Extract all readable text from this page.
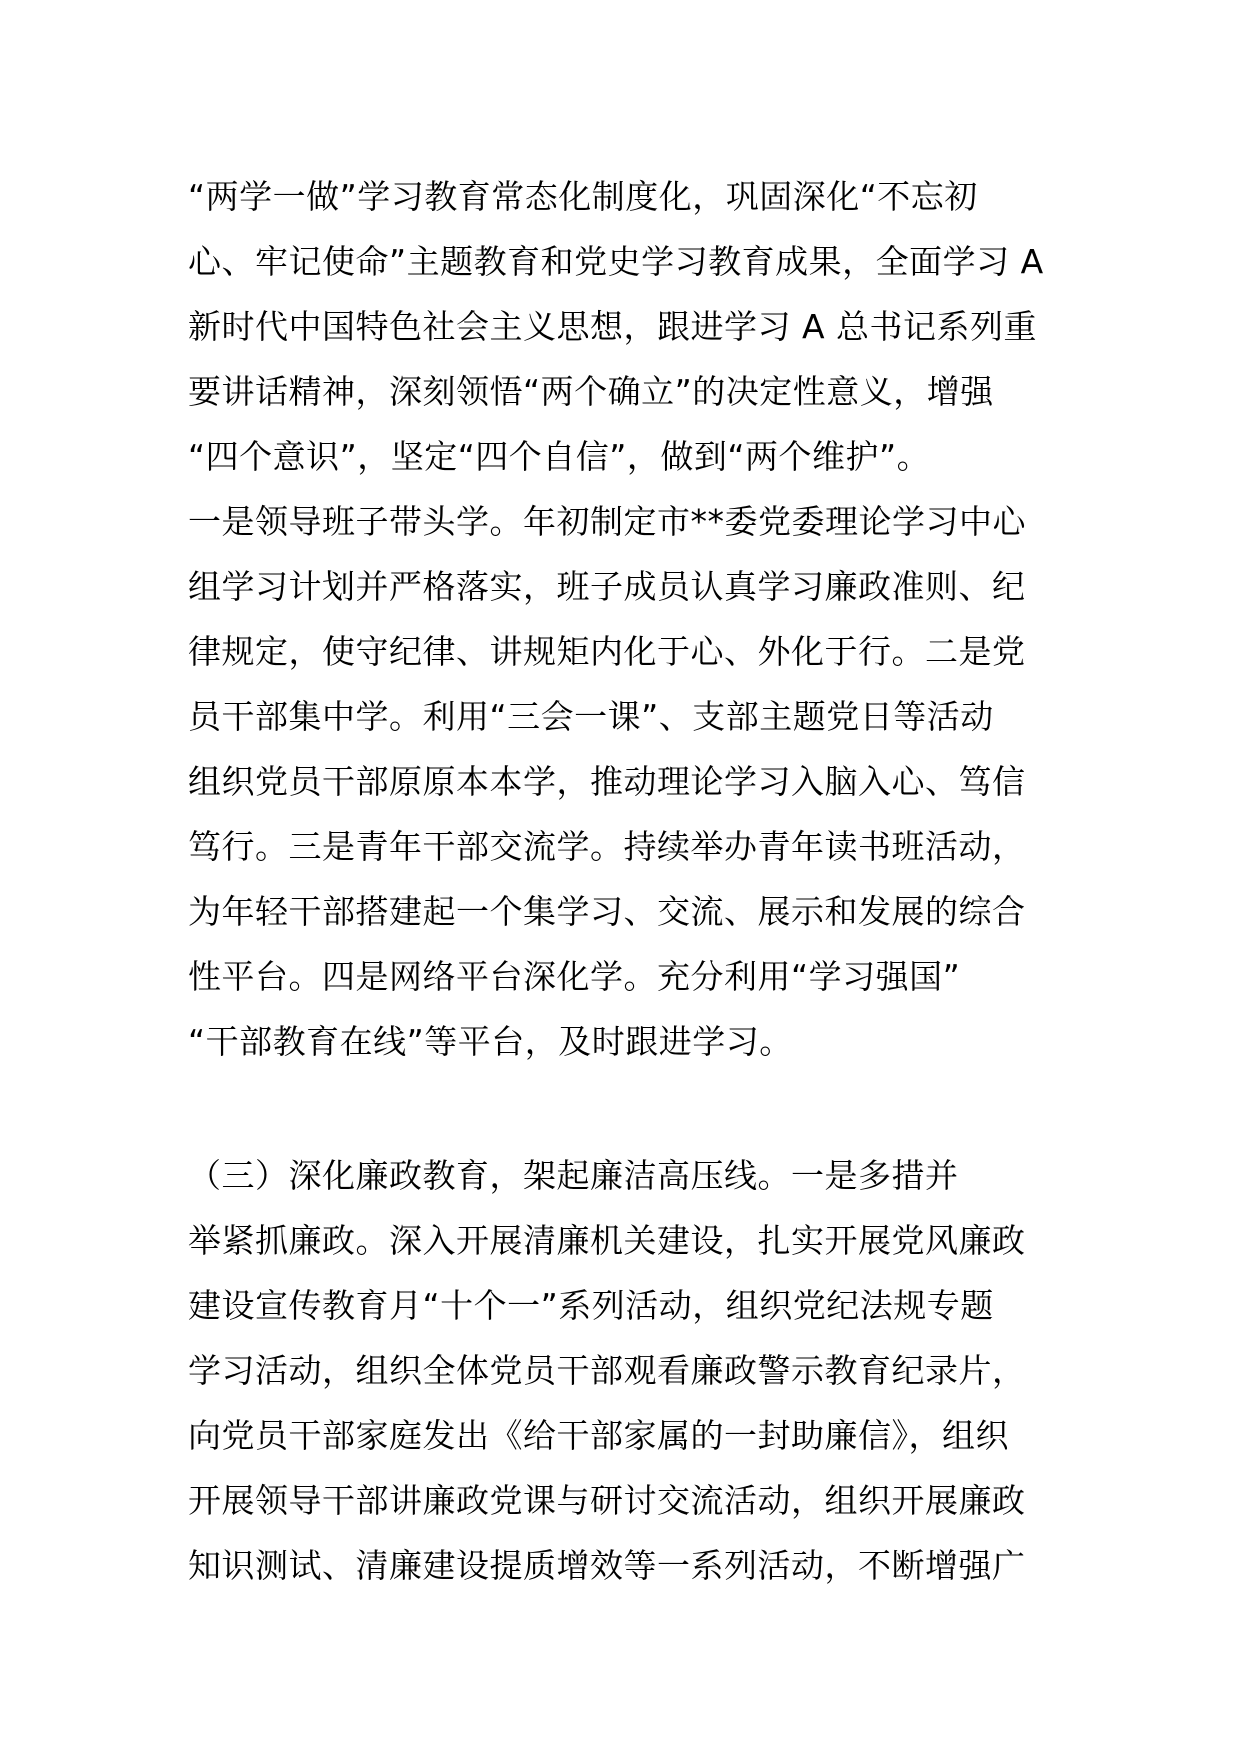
“两学一做”学习教育常态化制度化，巩固深化“不忘初
心、牢记使命”主题教育和党史学习教育成果，全面学习 A
新时代中国特色社会主义思想，跟进学习 A 总书记系列重
要讲话精神，深刻领悟“两个确立”的决定性意义，增强
“四个意识”，坚定“四个自信”，做到“两个维护”。
一是领导班子带头学。年初制定市**委党委理论学习中心
组学习计划并严格落实，班子成员认真学习廉政准则、纪
律规定，使守纪律、讲规矩内化于心、外化于行。二是党
员干部集中学。利用“三会一课”、支部主题党日等活动
组织党员干部原原本本学，推动理论学习入脑入心、笃信
笃行。三是青年干部交流学。持续举办青年读书班活动，
为年轻干部搭建起一个集学习、交流、展示和发展的综合
性平台。四是网络平台深化学。充分利用“学习强国”
“干部教育在线”等平台，及时跟进学习。
（三）深化廉政教育，架起廉洁高压线。一是多措并
举紧抓廉政。深入开展清廉机关建设，扎实开展党风廉政
建设宣传教育月“十个一”系列活动，组织党纪法规专题
学习活动，组织全体党员干部观看廉政警示教育纪录片，
向党员干部家庭发出《给干部家属的一封助廉信》，组织
开展领导干部讲廉政党课与研讨交流活动，组织开展廉政
知识测试、清廉建设提质增效等一系列活动，不断增强广
